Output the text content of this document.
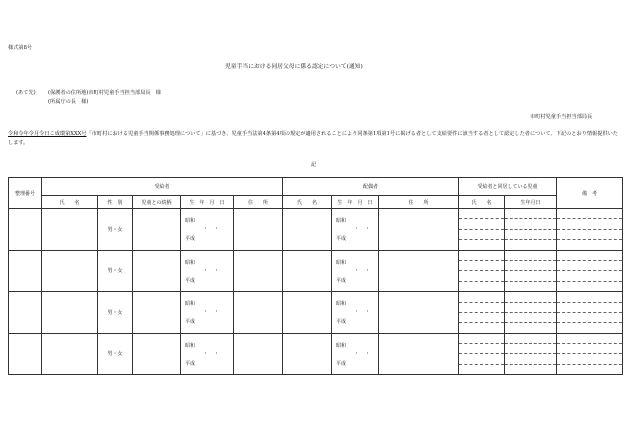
様式第8号
児童手当における同居父母に係る認定について(通知)
(あて先) (保護者の住所地)市町村児童手当担当部局長　様
(所属庁の長　様)
市町村児童手当担当部局長
令和令年令月令日こ成環第XXX号「市町村における児童手当関係事務処理について」に基づき、児童手当法第4条第4項の規定が適用されることにより同条第1項第1号に掲げる者として支給要件に該当する者として認定した者について、下記のとおり情報提供いたします。
記
整理番号	受給者					配偶者			受給者と同居している児童		備　考
	氏　　名	性　別	児童との続柄	生　年　月　日	住　　所	氏　　名	生　年　月　日	住　　所	氏　　名	生年月日	
		男・女		昭和
・・
平成			昭和
・・
平成				

		男・女		昭和
・・
平成			昭和
・・
平成				

		男・女		昭和
・・
平成			昭和
・・
平成				

		男・女		昭和
・・
平成			昭和
・・
平成				
